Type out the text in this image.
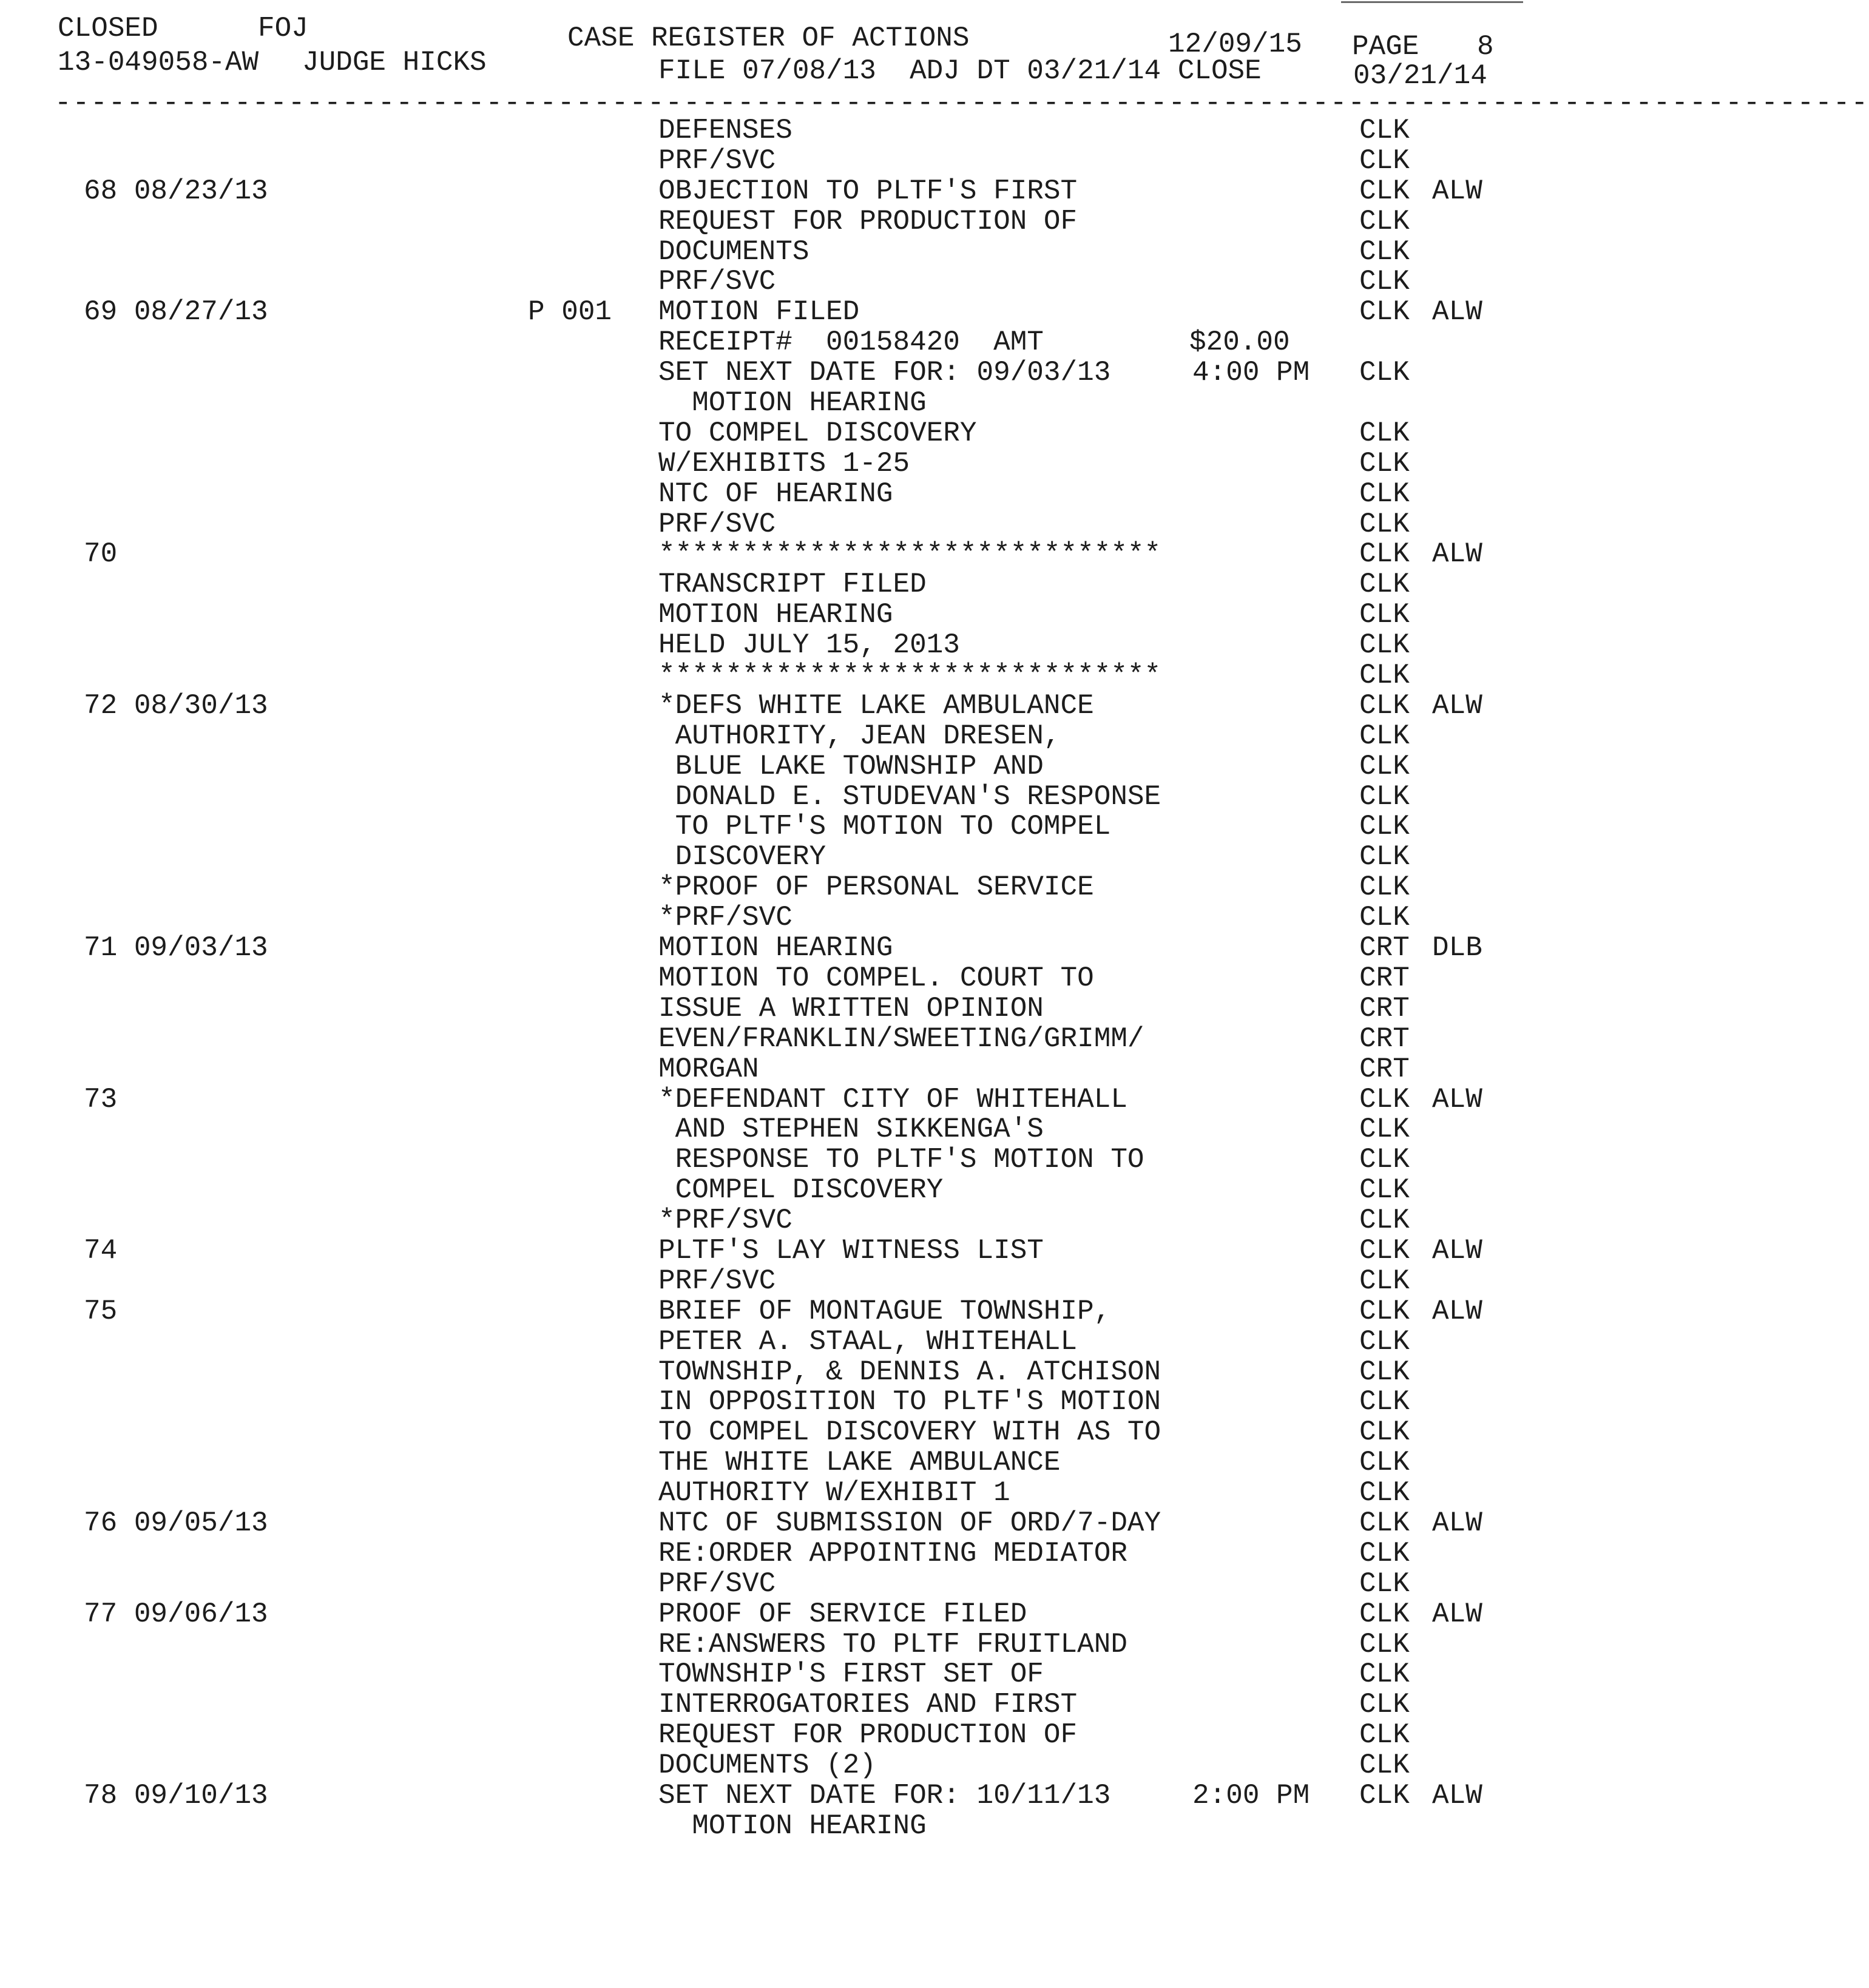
CLOSED	FOJ	CASE REGISTER OF ACTIONS	12/09/15 PAGE 8
13-049058-AW JUDGE HICKS	FILE 07/08/13  ADJ DT 03/21/14 CLOSE	03/21/14
-----------------------------------------------------------------------------------------------------
DEFENSES	CLK
PRF/SVC	CLK
68 08/23/13	OBJECTION TO PLTF'S FIRST	CLK ALW
REQUEST FOR PRODUCTION OF	CLK
DOCUMENTS	CLK
PRF/SVC	CLK
69 08/27/13	P 001 MOTION FILED	CLK ALW
RECEIPT#  00158420  AMT	$20.00
SET NEXT DATE FOR: 09/03/13	4:00 PM CLK
MOTION HEARING
TO COMPEL DISCOVERY	CLK
W/EXHIBITS 1-25	CLK
NTC OF HEARING	CLK
PRF/SVC	CLK
70	******************************	CLK ALW
TRANSCRIPT FILED	CLK
MOTION HEARING	CLK
HELD JULY 15, 2013	CLK
******************************	CLK
72 08/30/13	*DEFS WHITE LAKE AMBULANCE	CLK ALW
AUTHORITY, JEAN DRESEN,	CLK
BLUE LAKE TOWNSHIP AND	CLK
DONALD E. STUDEVAN'S RESPONSE	CLK
TO PLTF'S MOTION TO COMPEL	CLK
DISCOVERY	CLK
*PROOF OF PERSONAL SERVICE	CLK
*PRF/SVC	CLK
71 09/03/13	MOTION HEARING	CRT DLB
MOTION TO COMPEL. COURT TO	CRT
ISSUE A WRITTEN OPINION	CRT
EVEN/FRANKLIN/SWEETING/GRIMM/	CRT
MORGAN	CRT
73	*DEFENDANT CITY OF WHITEHALL	CLK ALW
AND STEPHEN SIKKENGA'S	CLK
RESPONSE TO PLTF'S MOTION TO	CLK
COMPEL DISCOVERY	CLK
*PRF/SVC	CLK
74	PLTF'S LAY WITNESS LIST	CLK ALW
PRF/SVC	CLK
75	BRIEF OF MONTAGUE TOWNSHIP,	CLK ALW
PETER A. STAAL, WHITEHALL	CLK
TOWNSHIP, & DENNIS A. ATCHISON	CLK
IN OPPOSITION TO PLTF'S MOTION	CLK
TO COMPEL DISCOVERY WITH AS TO	CLK
THE WHITE LAKE AMBULANCE	CLK
AUTHORITY W/EXHIBIT 1	CLK
76 09/05/13	NTC OF SUBMISSION OF ORD/7-DAY	CLK ALW
RE:ORDER APPOINTING MEDIATOR	CLK
PRF/SVC	CLK
77 09/06/13	PROOF OF SERVICE FILED	CLK ALW
RE:ANSWERS TO PLTF FRUITLAND	CLK
TOWNSHIP'S FIRST SET OF	CLK
INTERROGATORIES AND FIRST	CLK
REQUEST FOR PRODUCTION OF	CLK
DOCUMENTS (2)	CLK
78 09/10/13	SET NEXT DATE FOR: 10/11/13	2:00 PM CLK ALW
MOTION HEARING
